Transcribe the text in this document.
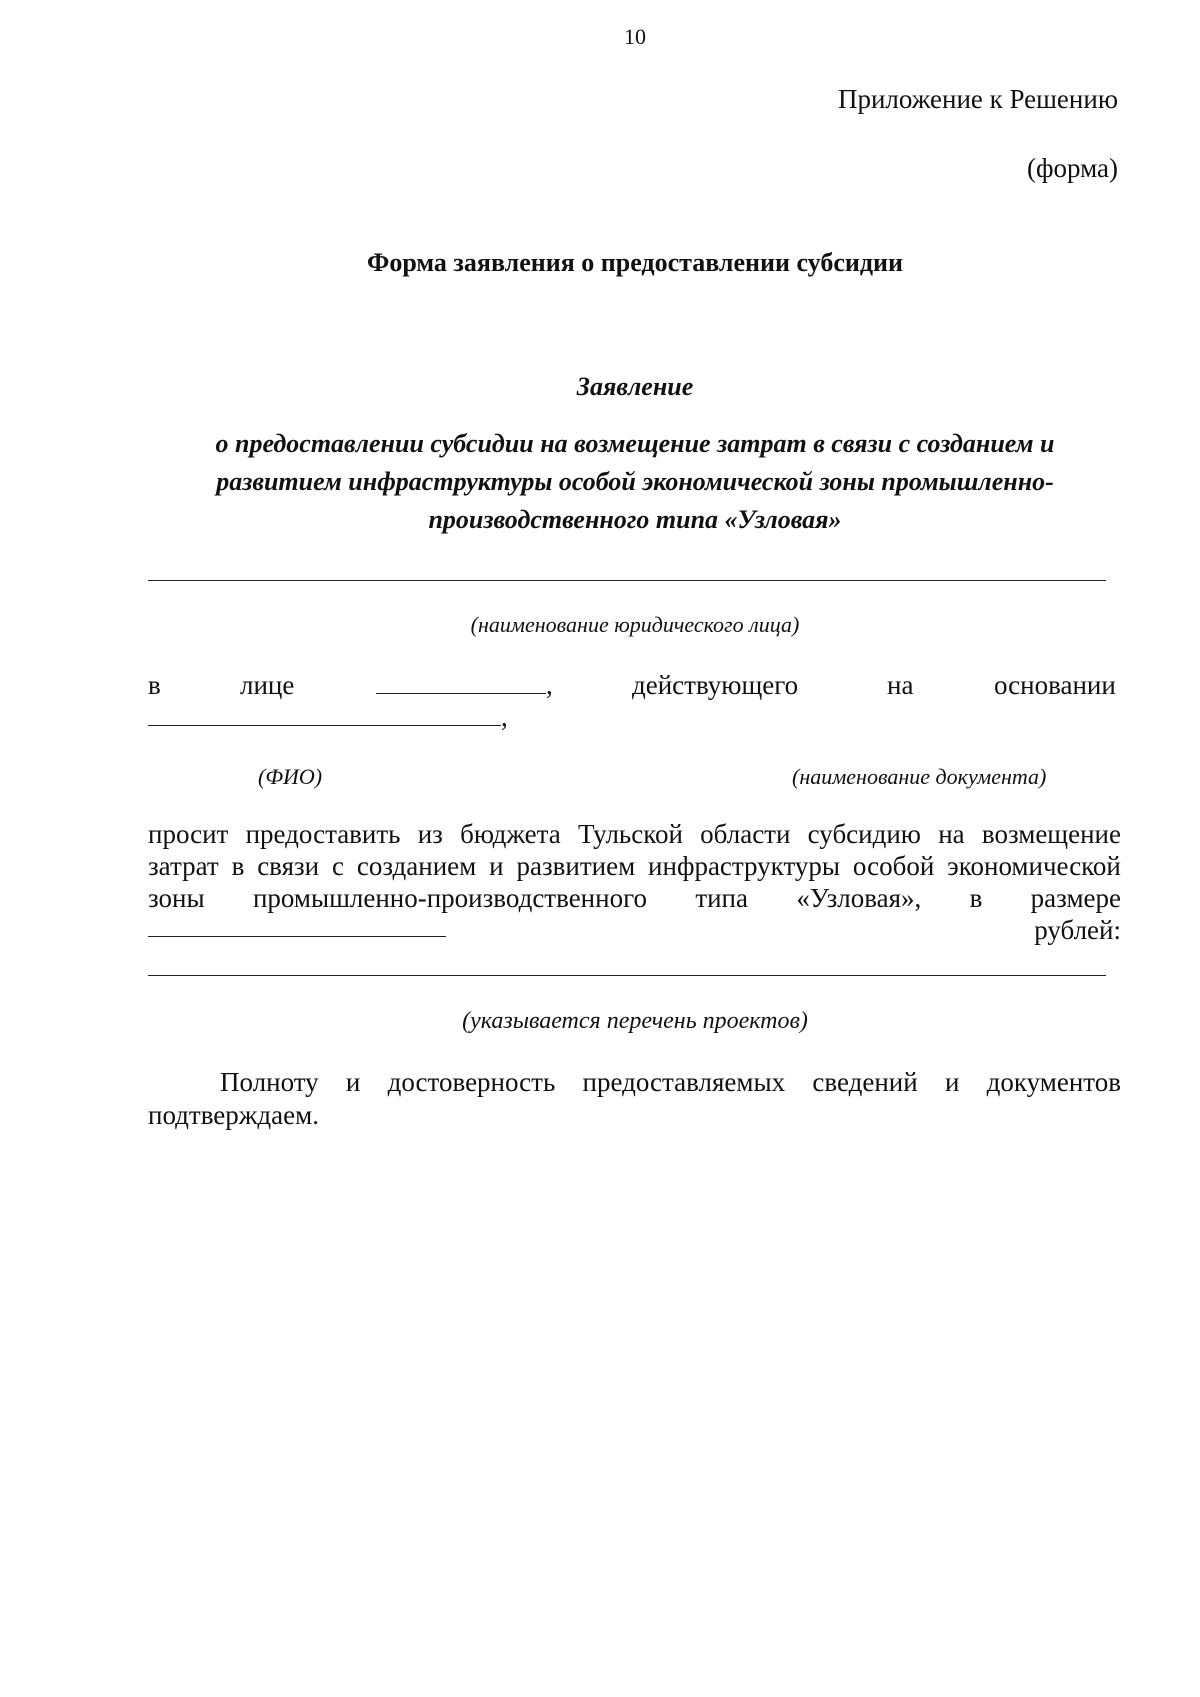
10
Приложение к Решению
(форма)
Форма заявления о предоставлении субсидии
Заявление
о предоставлении субсидии на возмещение затрат в связи с созданием и
развитием инфраструктуры особой экономической зоны промышленно-
производственного типа «Узловая»
(наименование юридического лица)
в	лице	,	действующего	на	основании
,
(ФИО)	(наименование документа)
просит предоставить из бюджета Тульской области субсидию на возмещение
затрат в связи с созданием и развитием инфраструктуры особой экономической
зоны промышленно-производственного типа «Узловая», в размере
рублей:
(указывается перечень проектов)
Полноту и достоверность предоставляемых сведений и документов
подтверждаем.
